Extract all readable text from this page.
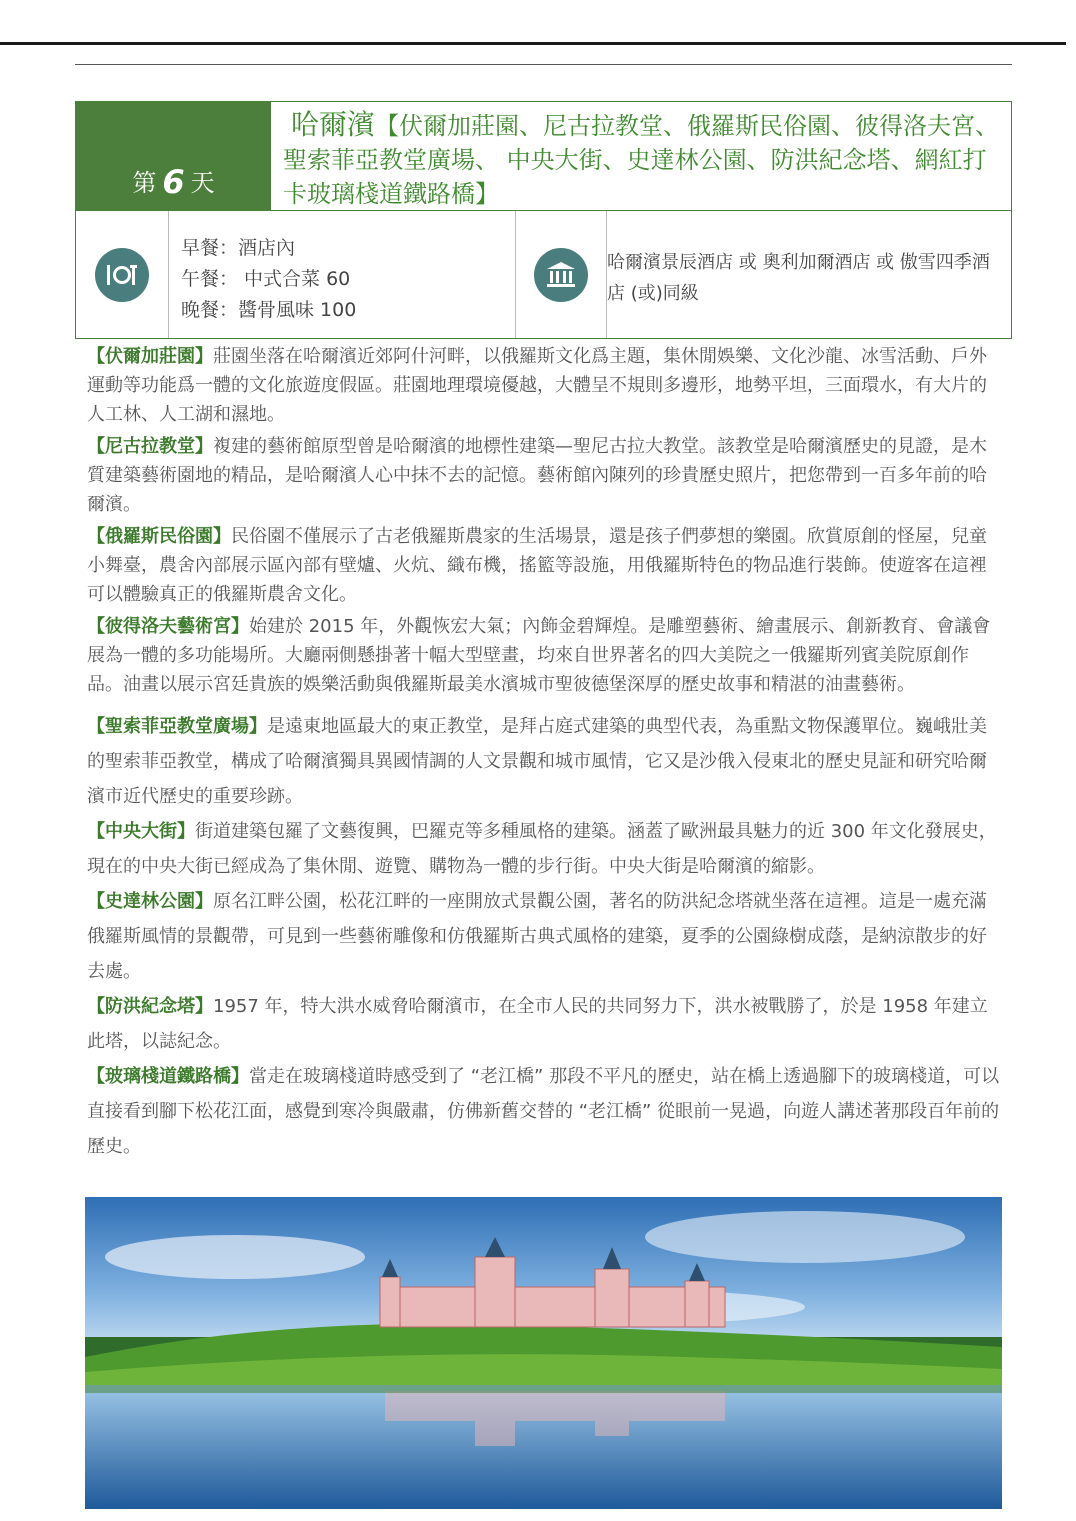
第 6 天
哈爾濱【伏爾加莊園、尼古拉教堂、俄羅斯民俗園、彼得洛夫宮、聖索菲亞教堂廣場、 中央大街、史達林公園、防洪紀念塔、網紅打卡玻璃棧道鐵路橋】
早餐：酒店內
午餐： 中式合菜 60
晚餐：醬骨風味 100
哈爾濱景辰酒店 或 奧利加爾酒店 或 傲雪四季酒店 (或)同級

【伏爾加莊園】莊園坐落在哈爾濱近郊阿什河畔，以俄羅斯文化爲主題，集休閒娛樂、文化沙龍、冰雪活動、戶外運動等功能爲一體的文化旅遊度假區。莊園地理環境優越，大體呈不規則多邊形，地勢平坦，三面環水，有大片的人工林、人工湖和濕地。

【尼古拉教堂】複建的藝術館原型曾是哈爾濱的地標性建築—聖尼古拉大教堂。該教堂是哈爾濱歷史的見證，是木質建築藝術園地的精品，是哈爾濱人心中抹不去的記憶。藝術館內陳列的珍貴歷史照片，把您帶到一百多年前的哈爾濱。

【俄羅斯民俗園】民俗園不僅展示了古老俄羅斯農家的生活場景，還是孩子們夢想的樂園。欣賞原創的怪屋，兒童小舞臺，農舍內部展示區內部有壁爐、火炕、織布機，搖籃等設施，用俄羅斯特色的物品進行裝飾。使遊客在這裡可以體驗真正的俄羅斯農舍文化。

【彼得洛夫藝術宮】始建於 2015 年，外觀恢宏大氣；內飾金碧輝煌。是雕塑藝術、繪畫展示、創新教育、會議會展為一體的多功能場所。大廳兩側懸掛著十幅大型壁畫，均來自世界著名的四大美院之一俄羅斯列賓美院原創作品。油畫以展示宮廷貴族的娛樂活動與俄羅斯最美水濱城市聖彼德堡深厚的歷史故事和精湛的油畫藝術。

【聖索菲亞教堂廣場】是遠東地區最大的東正教堂，是拜占庭式建築的典型代表，為重點文物保護單位。巍峨壯美的聖索菲亞教堂，構成了哈爾濱獨具異國情調的人文景觀和城市風情，它又是沙俄入侵東北的歷史見証和研究哈爾濱市近代歷史的重要珍跡。

【中央大街】街道建築包羅了文藝復興，巴羅克等多種風格的建築。涵蓋了歐洲最具魅力的近 300 年文化發展史，現在的中央大街已經成為了集休閒、遊覽、購物為一體的步行街。中央大街是哈爾濱的縮影。

【史達林公園】原名江畔公園，松花江畔的一座開放式景觀公園，著名的防洪紀念塔就坐落在這裡。這是一處充滿俄羅斯風情的景觀帶，可見到一些藝術雕像和仿俄羅斯古典式風格的建築，夏季的公園綠樹成蔭，是納涼散步的好去處。

【防洪紀念塔】1957 年，特大洪水威脅哈爾濱市，在全市人民的共同努力下，洪水被戰勝了，於是 1958 年建立此塔，以誌紀念。

【玻璃棧道鐵路橋】當走在玻璃棧道時感受到了 “老江橋” 那段不平凡的歷史，站在橋上透過腳下的玻璃棧道，可以直接看到腳下松花江面，感覺到寒冷與嚴肅，仿佛新舊交替的 “老江橋” 從眼前一晃過，向遊人講述著那段百年前的歷史。
